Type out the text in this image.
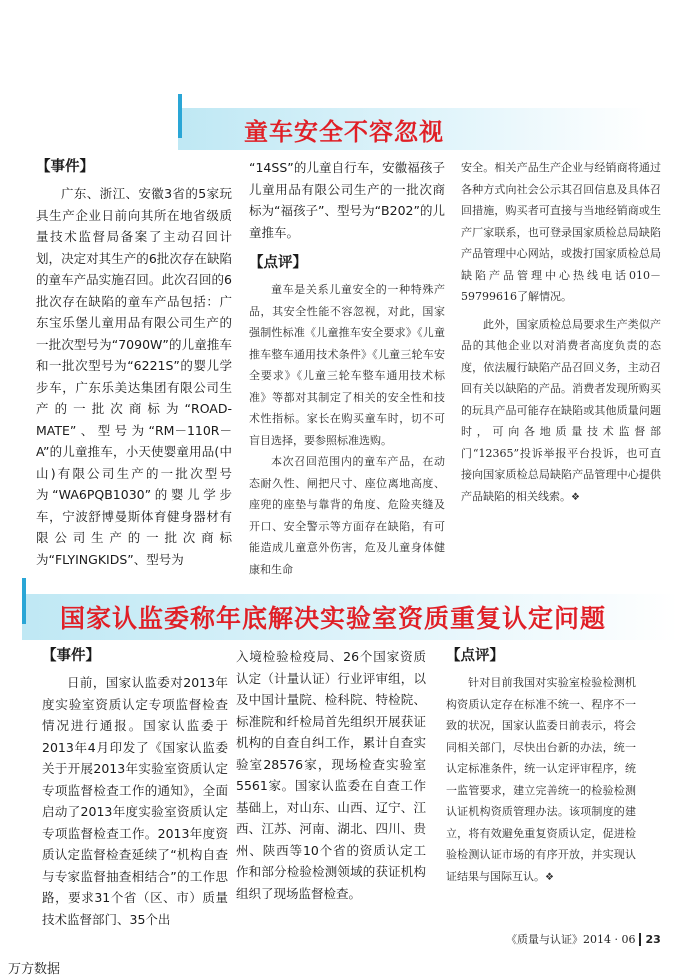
童车安全不容忽视
【事件】

广东、浙江、安徽3省的5家玩具生产企业日前向其所在地省级质量技术监督局备案了主动召回计划，决定对其生产的6批次存在缺陷的童车产品实施召回。此次召回的6批次存在缺陷的童车产品包括：广东宝乐堡儿童用品有限公司生产的一批次型号为“7090W”的儿童推车和一批次型号为“6221S”的婴儿学步车，广东乐美达集团有限公司生产的一批次商标为“ROAD-MATE”、型号为“RM－110R－A”的儿童推车，小天使婴童用品(中山)有限公司生产的一批次型号为“WA6PQB1030”的婴儿学步车，宁波舒博曼斯体育健身器材有限公司生产的一批次商标为“FLYINGKIDS”、型号为

“14SS”的儿童自行车，安徽福孩子儿童用品有限公司生产的一批次商标为“福孩子”、型号为“B202”的儿童推车。

【点评】

童车是关系儿童安全的一种特殊产品，其安全性能不容忽视，对此，国家强制性标准《儿童推车安全要求》《儿童推车整车通用技术条件》《儿童三轮车安全要求》《儿童三轮车整车通用技术标准》等都对其制定了相关的安全性和技术性指标。家长在购买童车时，切不可盲目选择，要参照标准选购。

本次召回范围内的童车产品，在动态耐久性、闸把尺寸、座位离地高度、座兜的座垫与靠背的角度、危险夹缝及开口、安全警示等方面存在缺陷，有可能造成儿童意外伤害，危及儿童身体健康和生命

安全。相关产品生产企业与经销商将通过各种方式向社会公示其召回信息及具体召回措施，购买者可直接与当地经销商或生产厂家联系，也可登录国家质检总局缺陷产品管理中心网站，或拨打国家质检总局缺陷产品管理中心热线电话010－59799616了解情况。

此外，国家质检总局要求生产类似产品的其他企业以对消费者高度负责的态度，依法履行缺陷产品召回义务，主动召回有关以缺陷的产品。消费者发现所购买的玩具产品可能存在缺陷或其他质量问题时，可向各地质量技术监督部门“12365”投诉举报平台投诉，也可直接向国家质检总局缺陷产品管理中心提供产品缺陷的相关线索。❖

国家认监委称年底解决实验室资质重复认定问题
【事件】

日前，国家认监委对2013年度实验室资质认定专项监督检查情况进行通报。国家认监委于2013年4月印发了《国家认监委关于开展2013年实验室资质认定专项监督检查工作的通知》，全面启动了2013年度实验室资质认定专项监督检查工作。2013年度资质认定监督检查延续了“机构自查与专家监督抽查相结合”的工作思路，要求31个省（区、市）质量技术监督部门、35个出

入境检验检疫局、26个国家资质认定（计量认证）行业评审组，以及中国计量院、检科院、特检院、标准院和纤检局首先组织开展获证机构的自查自纠工作，累计自查实验室28576家，现场检查实验室5561家。国家认监委在自查工作基础上，对山东、山西、辽宁、江西、江苏、河南、湖北、四川、贵州、陕西等10个省的资质认定工作和部分检验检测领域的获证机构组织了现场监督检查。

【点评】

针对目前我国对实验室检验检测机构资质认定存在标准不统一、程序不一致的状况，国家认监委日前表示，将会同相关部门，尽快出台新的办法，统一认定标准条件，统一认定评审程序，统一监管要求，建立完善统一的检验检测认证机构资质管理办法。该项制度的建立，将有效避免重复资质认定，促进检验检测认证市场的有序开放，并实现认证结果与国际互认。❖

《质量与认证》2014 · 06 23
万方数据
